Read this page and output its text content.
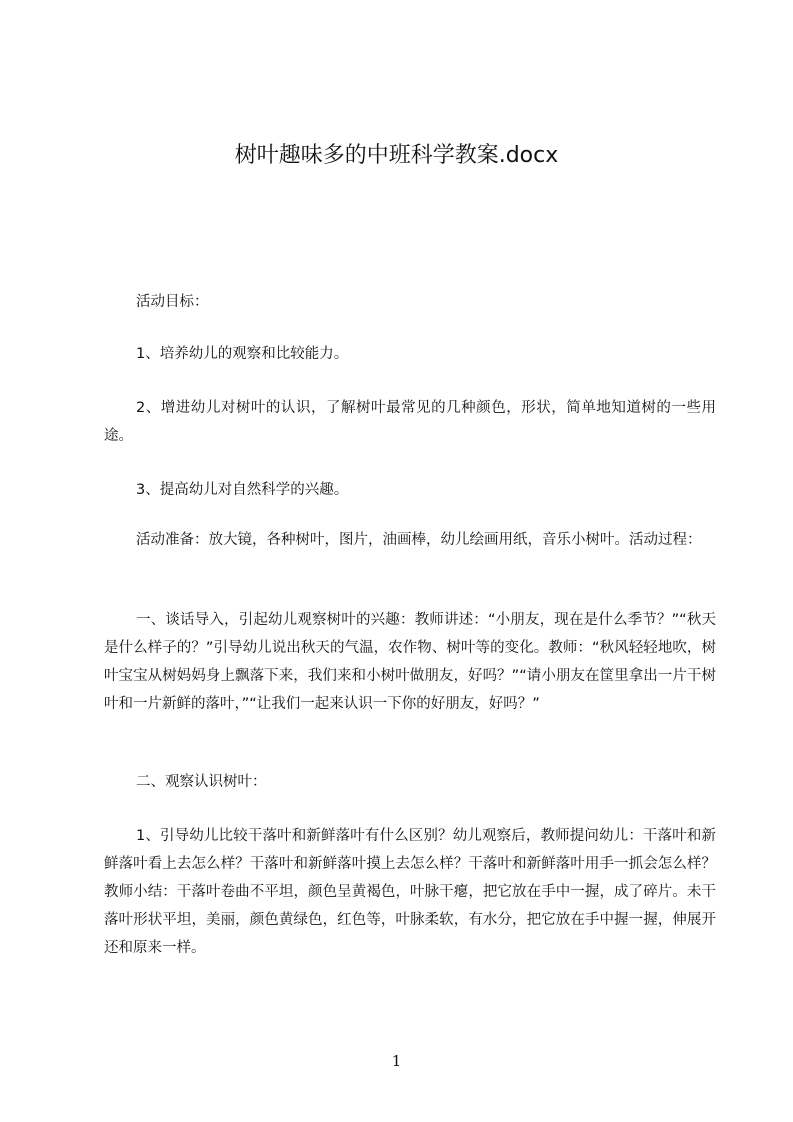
树叶趣味多的中班科学教案.docx

活动目标：

1、培养幼儿的观察和比较能力。

2、增进幼儿对树叶的认识，了解树叶最常见的几种颜色，形状，简单地知道树的一些用途。

3、提高幼儿对自然科学的兴趣。

活动准备：放大镜，各种树叶，图片，油画棒，幼儿绘画用纸，音乐小树叶。活动过程：

一、谈话导入，引起幼儿观察树叶的兴趣：教师讲述：“小朋友，现在是什么季节？”“秋天是什么样子的？”引导幼儿说出秋天的气温，农作物、树叶等的变化。教师：“秋风轻轻地吹，树叶宝宝从树妈妈身上飘落下来，我们来和小树叶做朋友，好吗？”“请小朋友在筐里拿出一片干树叶和一片新鲜的落叶，”“让我们一起来认识一下你的好朋友，好吗？”

二、观察认识树叶：

1、引导幼儿比较干落叶和新鲜落叶有什么区别？幼儿观察后，教师提问幼儿：干落叶和新鲜落叶看上去怎么样？干落叶和新鲜落叶摸上去怎么样？干落叶和新鲜落叶用手一抓会怎么样？教师小结：干落叶卷曲不平坦，颜色呈黄褐色，叶脉干瘪，把它放在手中一握，成了碎片。未干落叶形状平坦，美丽，颜色黄绿色，红色等，叶脉柔软，有水分，把它放在手中握一握，伸展开还和原来一样。

1
